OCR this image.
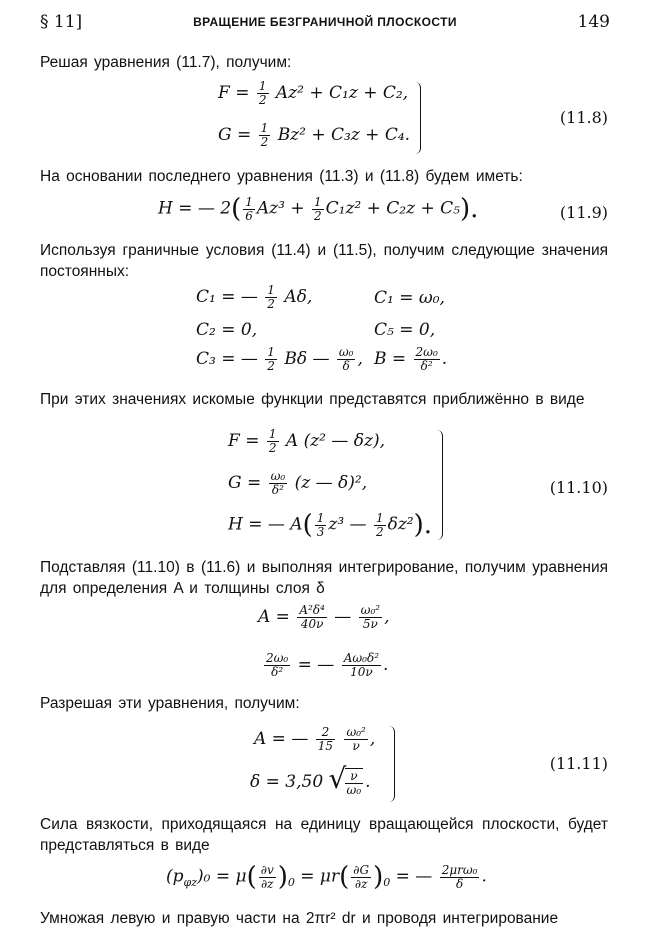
§ 11]	ВРАЩЕНИЕ БЕЗГРАНИЧНОЙ ПЛОСКОСТИ	149
Решая уравнения (11.7), получим:
$F = \frac{1}{2} Az^2 + C_1z + C_2$,
$G = \frac{1}{2} Bz^2 + C_3z + C_4$.
(11.8)
На основании последнего уравнения (11.3) и (11.8) будем иметь:
H = — $2( \frac{1}{6} Az^3 + \frac{1}{2} C_1z^2 + C_2z + C_5)$.	(11.9)
Используя граничные условия (11.4) и (11.5), получим следующие значения постоянных:
C₁ = — $\frac{1}{2} A\delta$,	C₁ = ω₀,
C₂ = 0,	C₅ = 0,
C₃ = — $\frac{1}{2}$ Bδ — $\frac{\text{ω₀}}{\delta}$ , $B = \frac{\text{2ω₀}}{\text{δ²}}$ .
При этих значениях искомые функции представятся приближённо в виде
$F = \frac{1}{2}$ A (z² — δz),
$G = \frac{\text{ω₀}}{\text{δ²}} (z$ — δ)²,
H = — $A( \frac{1}{3} z^3$ — $\frac{1}{2} \delta z^2$).
(11.10)
Подставляя (11.10) в (11.6) и выполняя интегрирование, получим уравнения для определения A и толщины слоя δ
$A = \frac{\text{A²δ⁴}}{40\nu}$ — $\frac{\text{ω₀²}}{5\nu}$ ,
$\frac{\text{2ω₀}}{\text{δ²}}$ = — $\frac{\text{Aω₀δ²}}{10\nu}$ .
Разрешая эти уравнения, получим:
A = — $\frac{2}{15}$
$\frac{\text{ω₀²}}{\nu}$ ,
δ = 3,50
√ $\frac{\nu}{\text{ω₀}}$ .
(11.11)
Сила вязкости, приходящаяся на единицу вращающейся плоскости, будет представляться в виде
$(p_{\varphi z})_0 = \mu( \frac{\partial v}{\partial z} )_0 = \mu r( \frac{\partial G}{\partial z} )_0$ = — $\frac{\text{2μrω₀}}{\delta}$ .
Умножая левую и правую части на 2πr² dr и проводя интегрирование
